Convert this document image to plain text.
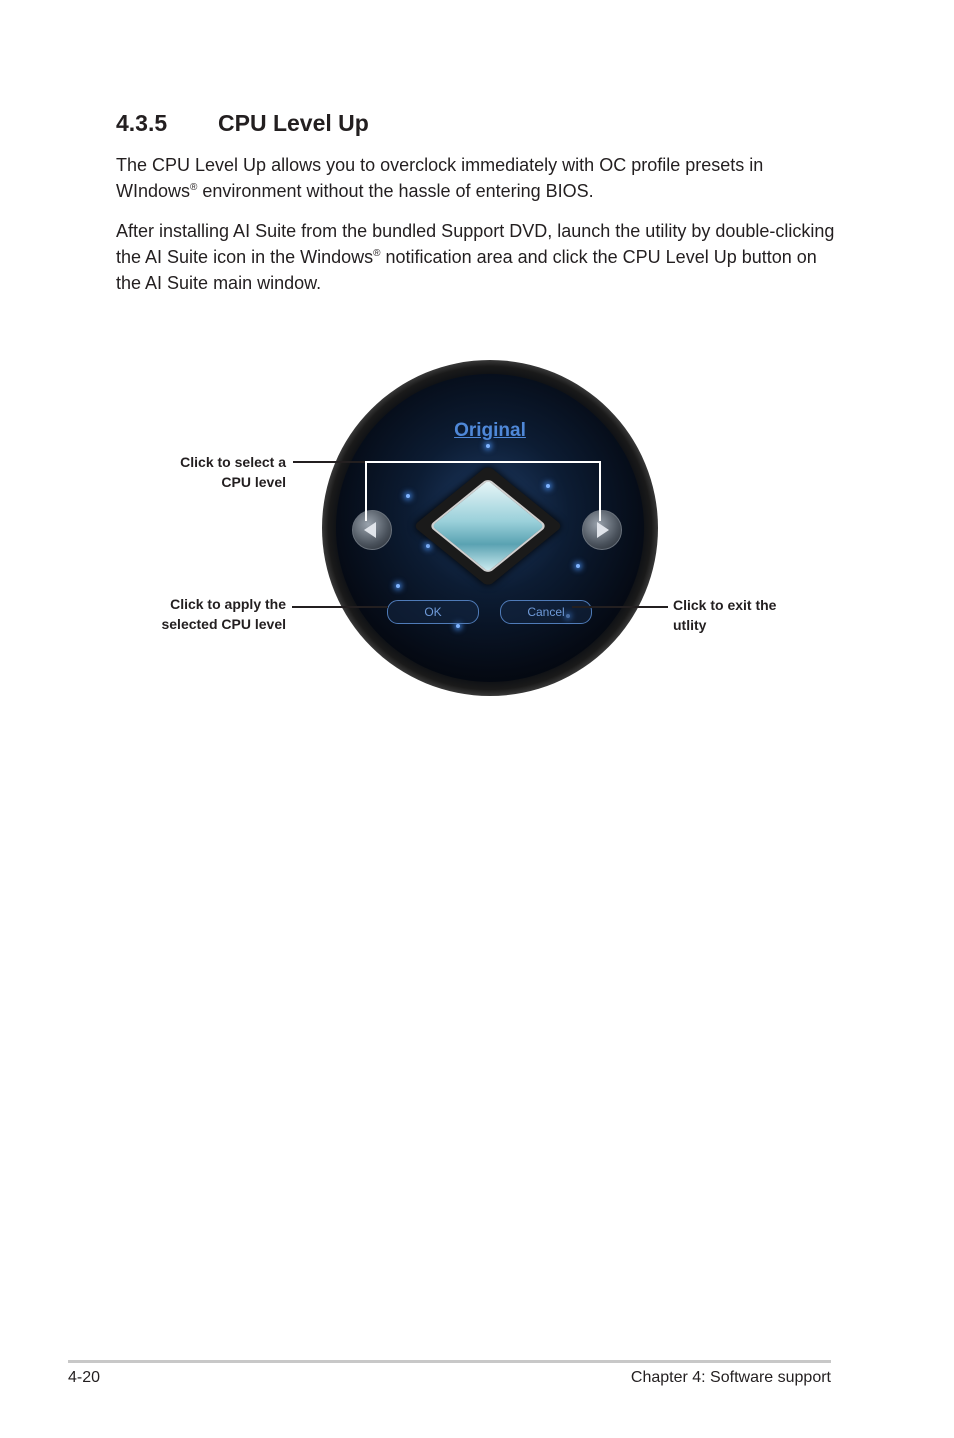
4.3.5	CPU Level Up

The CPU Level Up allows you to overclock immediately with OC profile presets in WIndows® environment without the hassle of entering BIOS.

After installing AI Suite from the bundled Support DVD, launch the utility by double-clicking the AI Suite icon in the Windows® notification area and click the CPU Level Up button on the AI Suite main window.

Click to select a
CPU level

Click to apply the
selected CPU level

Click to exit the
utlity

Original
OK	Cancel

4-20	Chapter 4: Software support
